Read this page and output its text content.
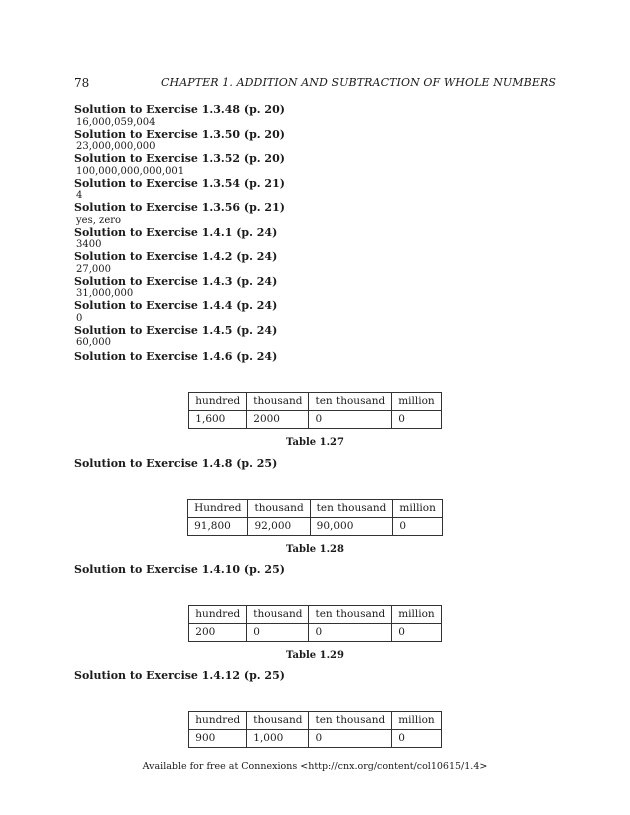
78	CHAPTER 1. ADDITION AND SUBTRACTION OF WHOLE NUMBERS
Solution to Exercise 1.3.48 (p. 20)
16,000,059,004
Solution to Exercise 1.3.50 (p. 20)
23,000,000,000
Solution to Exercise 1.3.52 (p. 20)
100,000,000,000,001
Solution to Exercise 1.3.54 (p. 21)
4
Solution to Exercise 1.3.56 (p. 21)
yes, zero
Solution to Exercise 1.4.1 (p. 24)
3400
Solution to Exercise 1.4.2 (p. 24)
27,000
Solution to Exercise 1.4.3 (p. 24)
31,000,000
Solution to Exercise 1.4.4 (p. 24)
0
Solution to Exercise 1.4.5 (p. 24)
60,000
Solution to Exercise 1.4.6 (p. 24)
hundred	thousand	ten thousand	million
1,600	2000	0	0
Table 1.27
Solution to Exercise 1.4.8 (p. 25)
Hundred	thousand	ten thousand	million
91,800	92,000	90,000	0
Table 1.28
Solution to Exercise 1.4.10 (p. 25)
hundred	thousand	ten thousand	million
200	0	0	0
Table 1.29
Solution to Exercise 1.4.12 (p. 25)
hundred	thousand	ten thousand	million
900	1,000	0	0
Available for free at Connexions <http://cnx.org/content/col10615/1.4>
